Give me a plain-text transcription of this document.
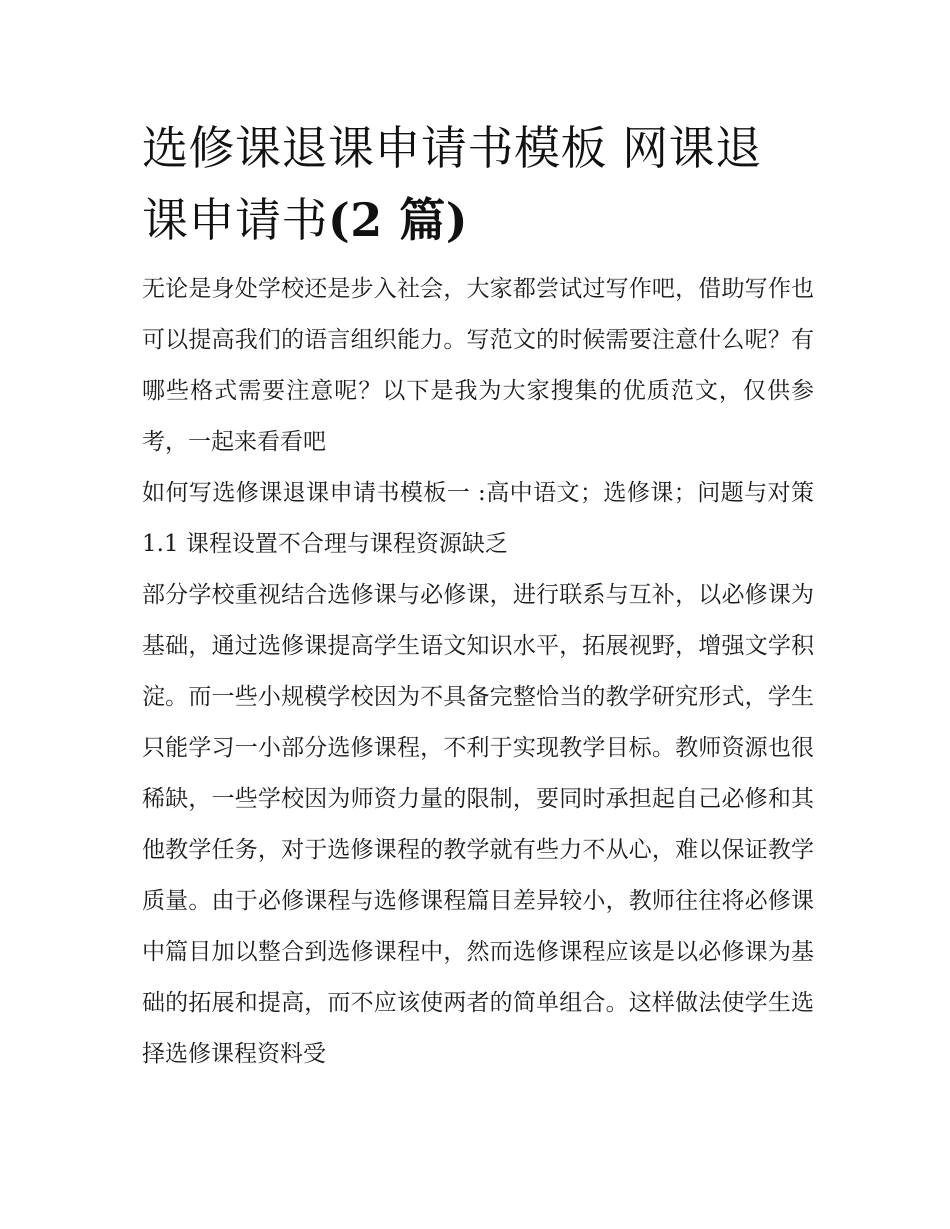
选修课退课申请书模板 网课退
课申请书(2 篇)

无论是身处学校还是步入社会，大家都尝试过写作吧，借助写作也可以提高我们的语言组织能力。写范文的时候需要注意什么呢？有哪些格式需要注意呢？以下是我为大家搜集的优质范文，仅供参考，一起来看看吧

如何写选修课退课申请书模板一 :高中语文；选修课；问题与对策 1.1 课程设置不合理与课程资源缺乏

部分学校重视结合选修课与必修课，进行联系与互补，以必修课为基础，通过选修课提高学生语文知识水平，拓展视野，增强文学积淀。而一些小规模学校因为不具备完整恰当的教学研究形式，学生只能学习一小部分选修课程，不利于实现教学目标。教师资源也很稀缺，一些学校因为师资力量的限制，要同时承担起自己必修和其他教学任务，对于选修课程的教学就有些力不从心，难以保证教学质量。由于必修课程与选修课程篇目差异较小，教师往往将必修课中篇目加以整合到选修课程中，然而选修课程应该是以必修课为基础的拓展和提高，而不应该使两者的简单组合。这样做法使学生选择选修课程资料受
